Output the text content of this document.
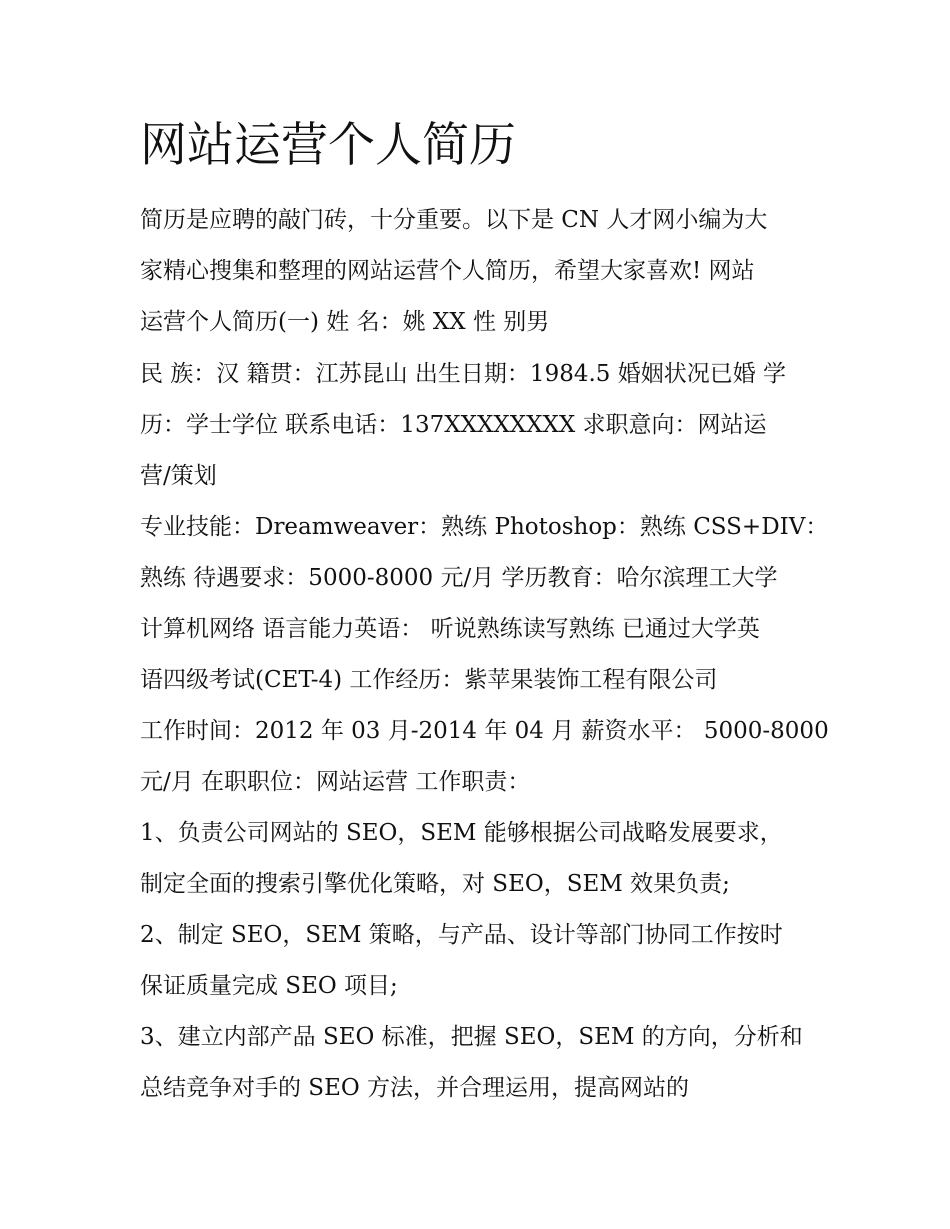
网站运营个人简历

简历是应聘的敲门砖，十分重要。以下是 CN 人才网小编为大

家精心搜集和整理的网站运营个人简历，希望大家喜欢! 网站

运营个人简历(一) 姓 名：姚 XX 性 别男

民 族：汉 籍贯：江苏昆山 出生日期：1984.5 婚姻状况已婚 学

历：学士学位 联系电话：137XXXXXXXX 求职意向：网站运

营/策划

专业技能：Dreamweaver：熟练 Photoshop：熟练 CSS+DIV：

熟练 待遇要求：5000-8000 元/月 学历教育：哈尔滨理工大学

计算机网络 语言能力英语： 听说熟练读写熟练 已通过大学英

语四级考试(CET-4) 工作经历：紫苹果装饰工程有限公司

工作时间：2012 年 03 月-2014 年 04 月 薪资水平： 5000-8000

元/月 在职职位：网站运营 工作职责：

1、负责公司网站的 SEO，SEM 能够根据公司战略发展要求，

制定全面的搜索引擎优化策略，对 SEO，SEM 效果负责;

2、制定 SEO，SEM 策略，与产品、设计等部门协同工作按时

保证质量完成 SEO 项目;

3、建立内部产品 SEO 标准，把握 SEO，SEM 的方向，分析和

总结竞争对手的 SEO 方法，并合理运用，提高网站的
